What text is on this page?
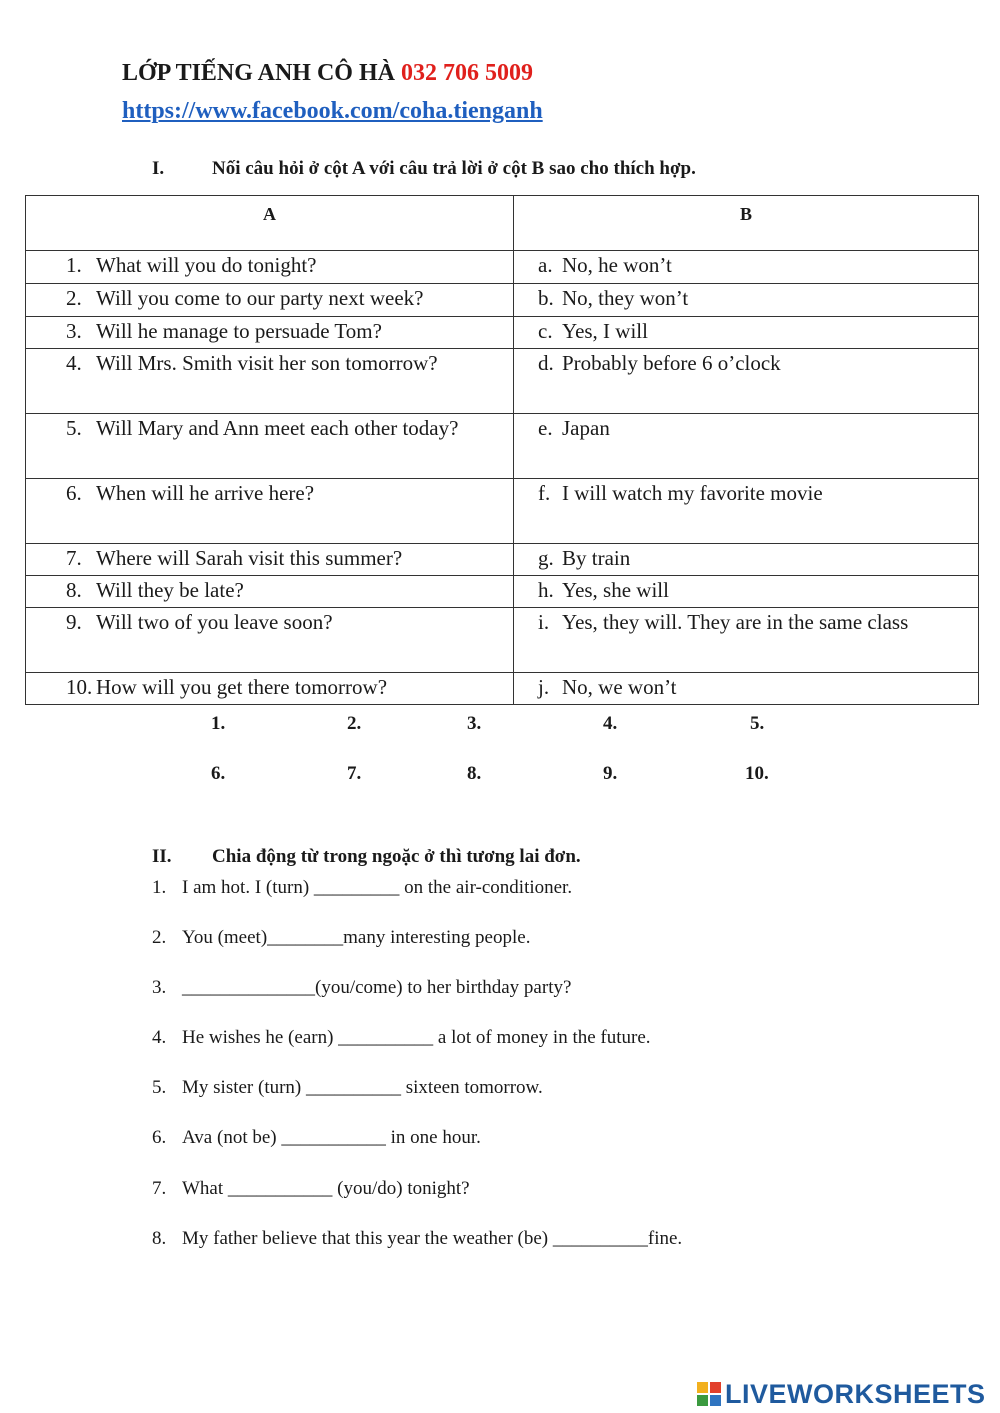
LỚP TIẾNG ANH CÔ HÀ 032 706 5009
https://www.facebook.com/coha.tienganh
I.	Nối câu hỏi ở cột A với câu trả lời ở cột B sao cho thích hợp.
A	B

1. What will you do tonight?	a. No, he won’t

2. Will you come to our party next week?	b. No, they won’t

3. Will he manage to persuade Tom?	c. Yes, I will

4. Will Mrs. Smith visit her son tomorrow?	d. Probably before 6 o’clock

5. Will Mary and Ann meet each other today?	e. Japan

6. When will he arrive here?	f. I will watch my favorite movie

7. Where will Sarah visit this summer?	g. By train

8. Will they be late?	h. Yes, she will

9. Will two of you leave soon?	i. Yes, they will. They are in the same class

10. How will you get there tomorrow?	j. No, we won’t
1.	2.	3.	4.	5.
6.	7.	8.	9.	10.
II. Chia động từ trong ngoặc ở thì tương lai đơn.
1. I am hot. I (turn) _________ on the air-conditioner.
2. You (meet)________many interesting people.
3. ______________(you/come) to her birthday party?
4. He wishes he (earn) __________ a lot of money in the future.
5. My sister (turn) __________ sixteen tomorrow.
6. Ava (not be) ___________ in one hour.
7. What ___________ (you/do) tonight?
8. My father believe that this year the weather (be) __________fine.
LIVEWORKSHEETS
